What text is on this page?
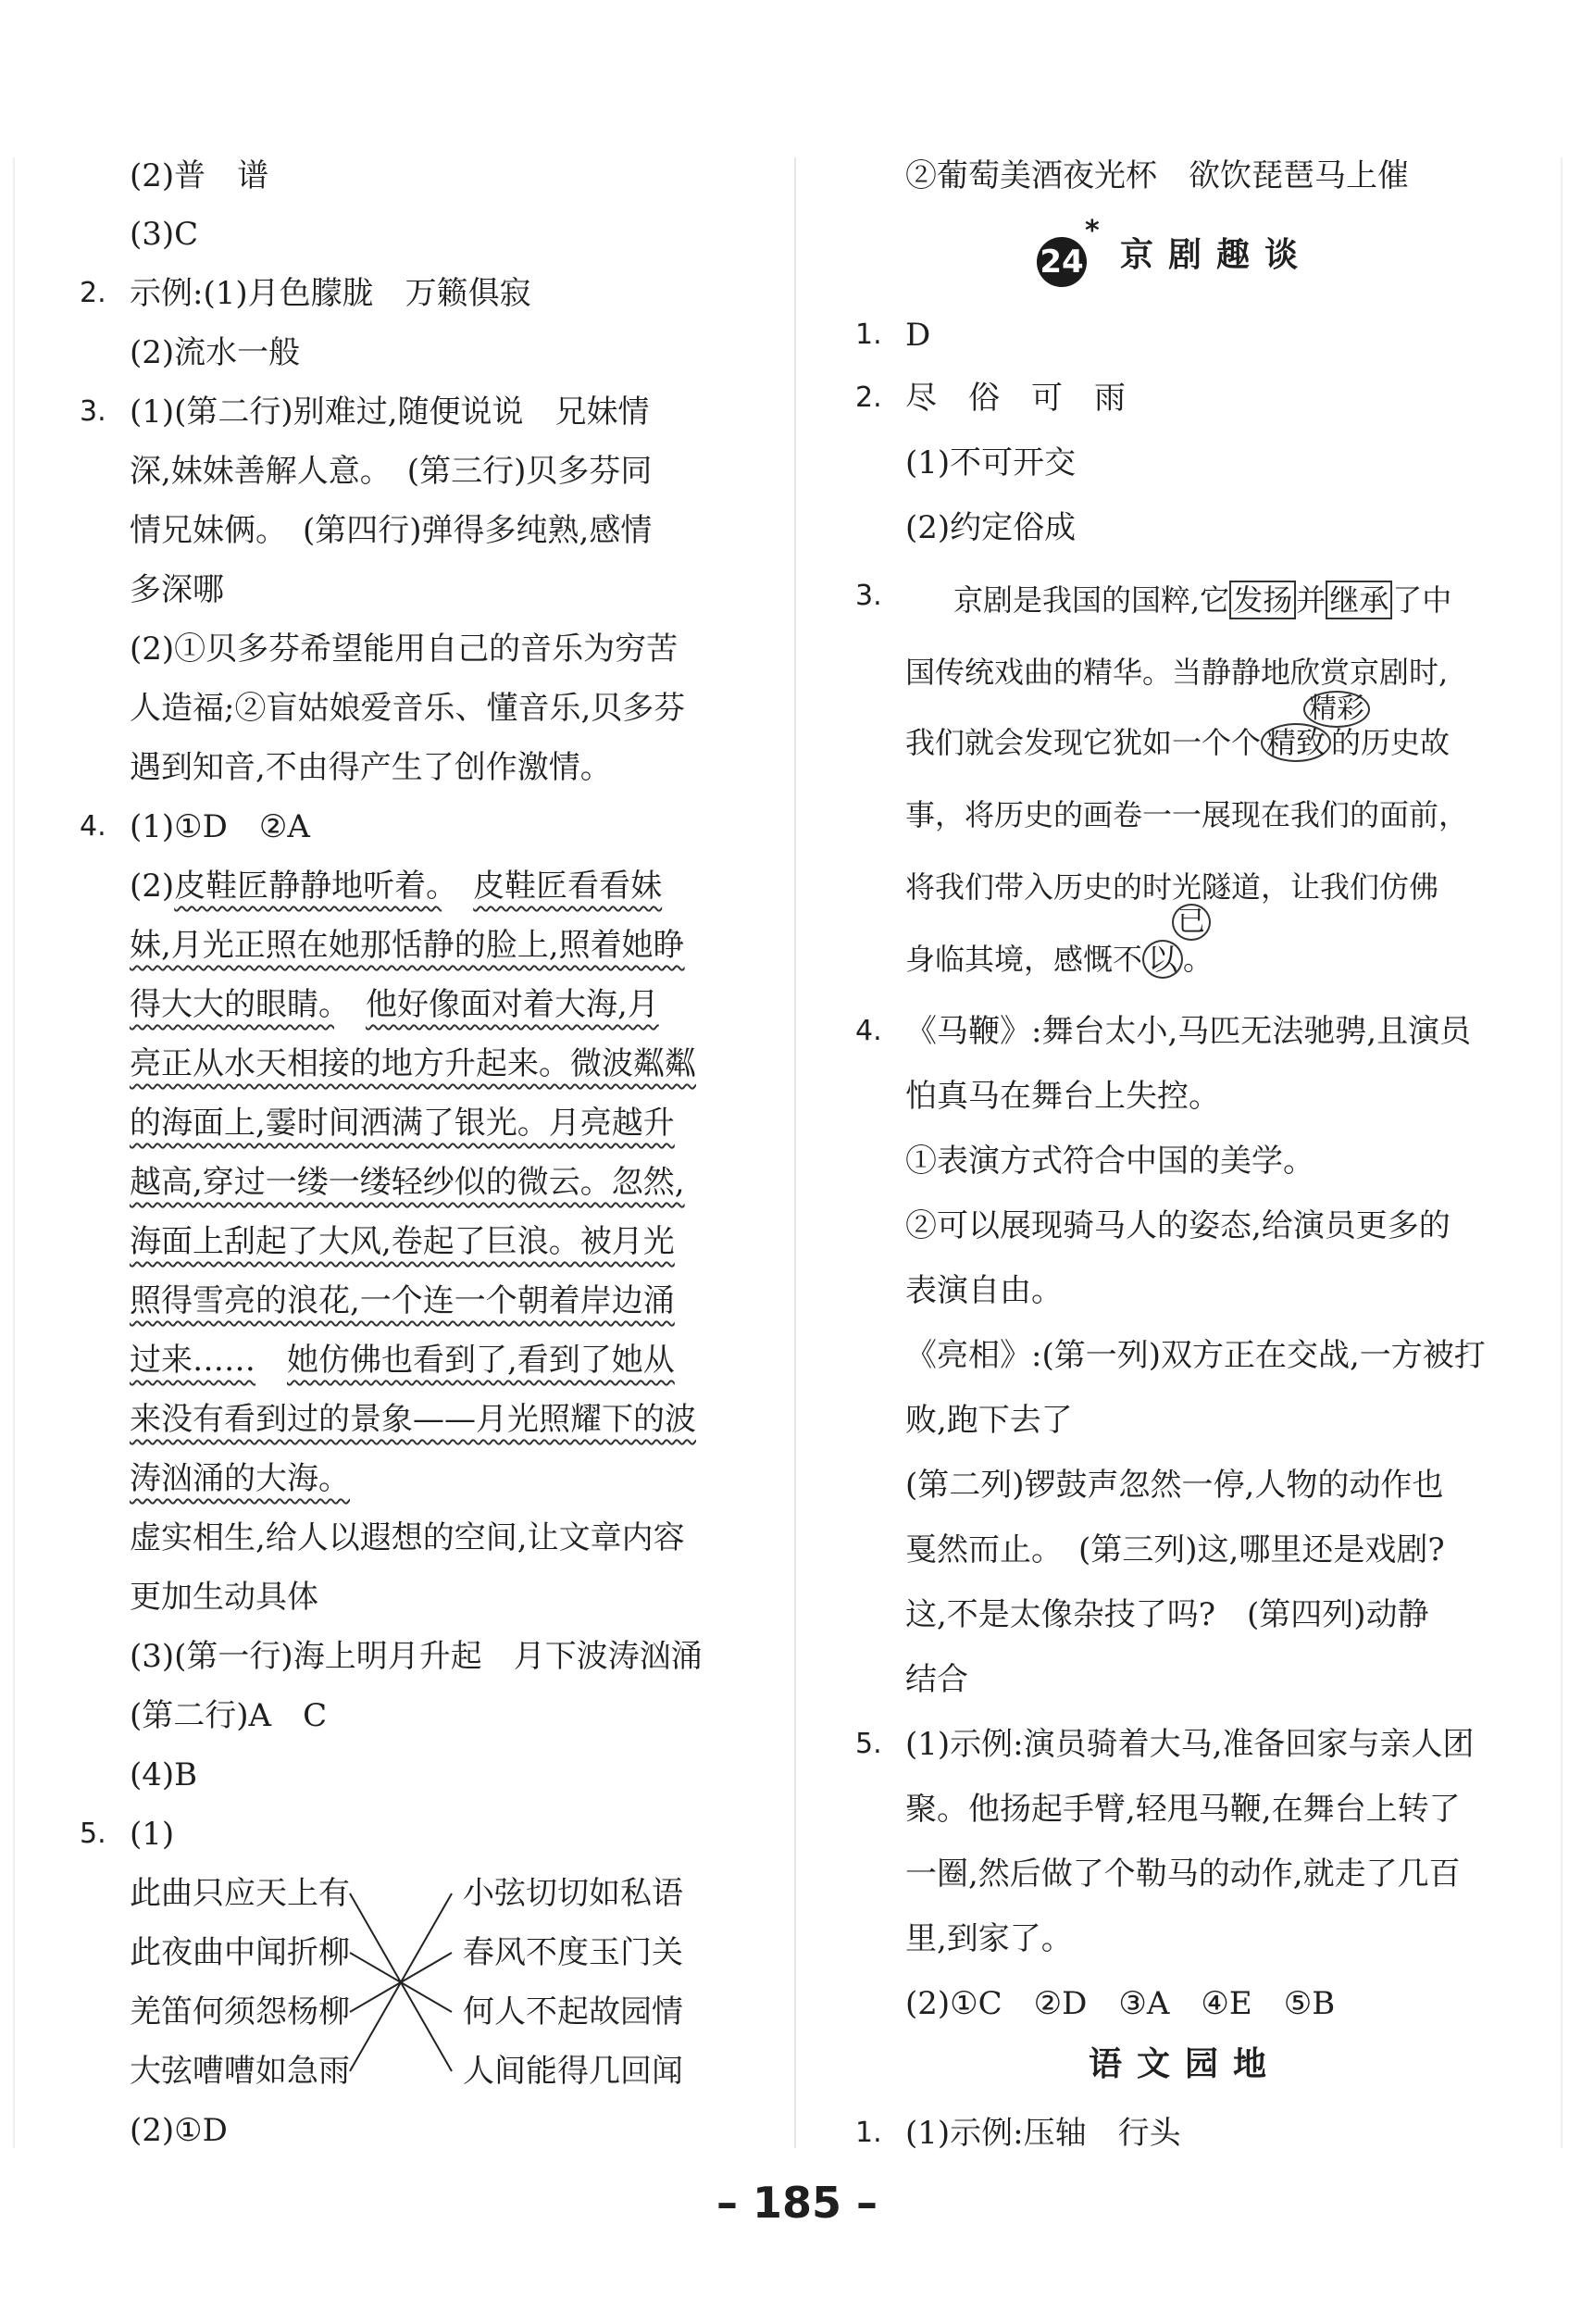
(2)普　谱
(3)C
2. 示例:(1)月色朦胧　万籁俱寂
(2)流水一般
3. (1)(第二行)别难过,随便说说　兄妹情
深,妹妹善解人意。　(第三行)贝多芬同
情兄妹俩。　(第四行)弹得多纯熟,感情
多深哪
(2)①贝多芬希望能用自己的音乐为穷苦
人造福;②盲姑娘爱音乐、懂音乐,贝多芬
遇到知音,不由得产生了创作激情。
4. (1)①D　②A
(2)皮鞋匠静静地听着。　 皮鞋匠看看妹
妹,月光正照在她那恬静的脸上,照着她睁
得大大的眼睛。　 他好像面对着大海,月
亮正从水天相接的地方升起来。微波粼粼
的海面上,霎时间洒满了银光。月亮越升
越高,穿过一缕一缕轻纱似的微云。忽然,
海面上刮起了大风,卷起了巨浪。被月光
照得雪亮的浪花,一个连一个朝着岸边涌
过来……　 她仿佛也看到了,看到了她从
来没有看到过的景象——月光照耀下的波
涛汹涌的大海。
虚实相生,给人以遐想的空间,让文章内容
更加生动具体
(3)(第一行)海上明月升起　月下波涛汹涌
(第二行)A　C
(4)B
5. (1)
此曲只应天上有
此夜曲中闻折柳
羌笛何须怨杨柳
大弦嘈嘈如急雨
小弦切切如私语
春风不度玉门关
何人不起故园情
人间能得几回闻
(2)①D
②葡萄美酒夜光杯　欲饮琵琶马上催
24
*
京剧趣谈
1. D
2. 尽　俗　可　雨
(1)不可开交
(2)约定俗成
3. 京剧是我国的国粹,它 发扬 并 继承 了中
国传统戏曲的精华。当静静地欣赏京剧时,
精彩
我们就会发现它犹如一个个 精致 的历史故
事，将历史的画卷一一展现在我们的面前，
将我们带入历史的时光隧道，让我们仿佛
已
身临其境，感慨不 以 。
4. 《马鞭》:舞台太小,马匹无法驰骋,且演员
怕真马在舞台上失控。
①表演方式符合中国的美学。
②可以展现骑马人的姿态,给演员更多的
表演自由。
《亮相》:(第一列)双方正在交战,一方被打
败,跑下去了
(第二列)锣鼓声忽然一停,人物的动作也
戛然而止。　(第三列)这,哪里还是戏剧?
这,不是太像杂技了吗?　(第四列)动静
结合
5. (1)示例:演员骑着大马,准备回家与亲人团
聚。他扬起手臂,轻甩马鞭,在舞台上转了
一圈,然后做了个勒马的动作,就走了几百
里,到家了。
(2)①C　②D　③A　④E　⑤B
语文园地
1. (1)示例:压轴　行头
– 185 –
